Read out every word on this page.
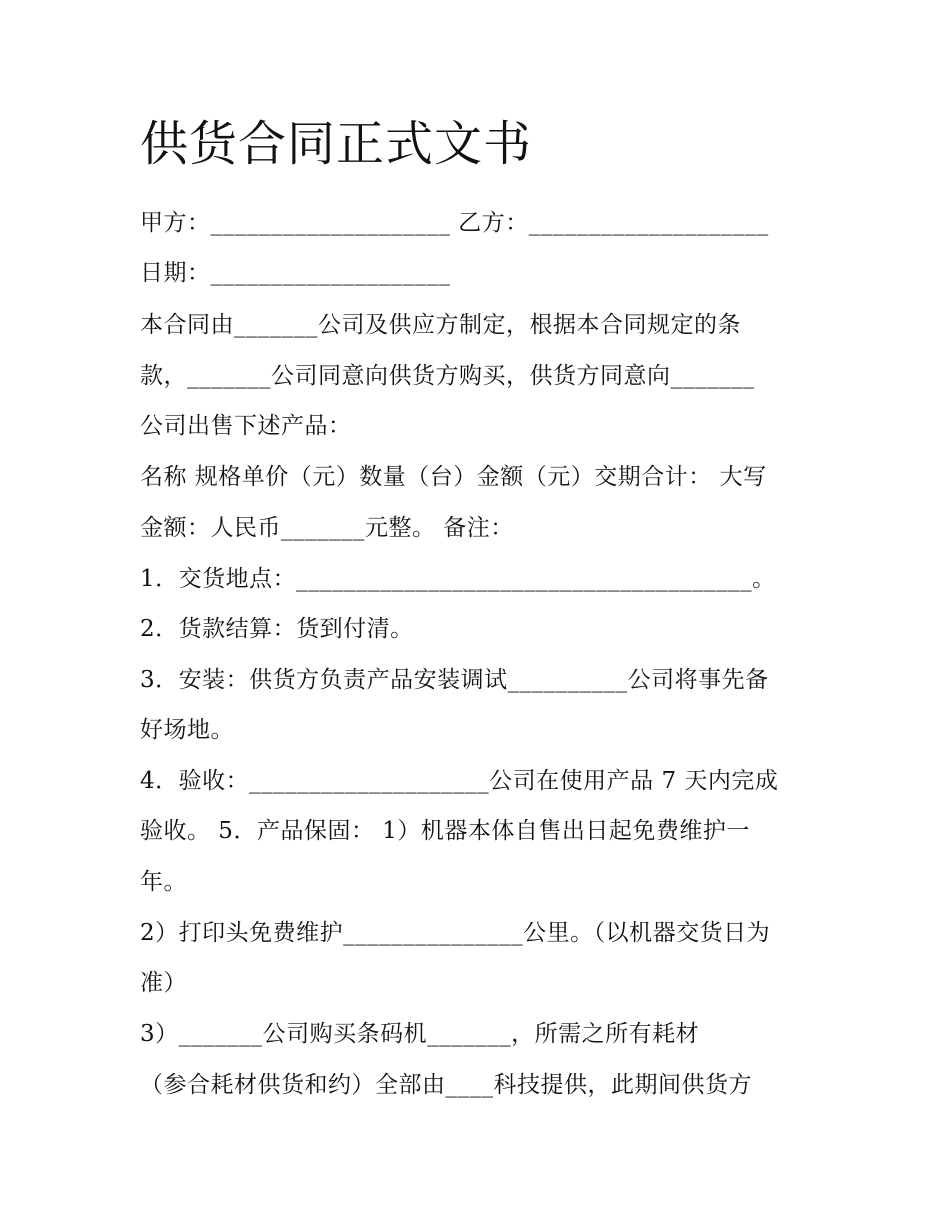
供货合同正式文书
甲方：____________________ 乙方：____________________
日期：____________________
本合同由_______公司及供应方制定，根据本合同规定的条
款，_______公司同意向供货方购买，供货方同意向_______
公司出售下述产品：
名称 规格单价（元）数量（台）金额（元）交期合计： 大写
金额：人民币_______元整。 备注：
1．交货地点：______________________________________。
2．货款结算：货到付清。
3．安装：供货方负责产品安装调试__________公司将事先备
好场地。
4．验收：____________________公司在使用产品 7 天内完成
验收。 5．产品保固： 1）机器本体自售出日起免费维护一
年。
2）打印头免费维护_______________公里。（以机器交货日为
准）
3）_______公司购买条码机_______，所需之所有耗材
（参合耗材供货和约）全部由____科技提供，此期间供货方
